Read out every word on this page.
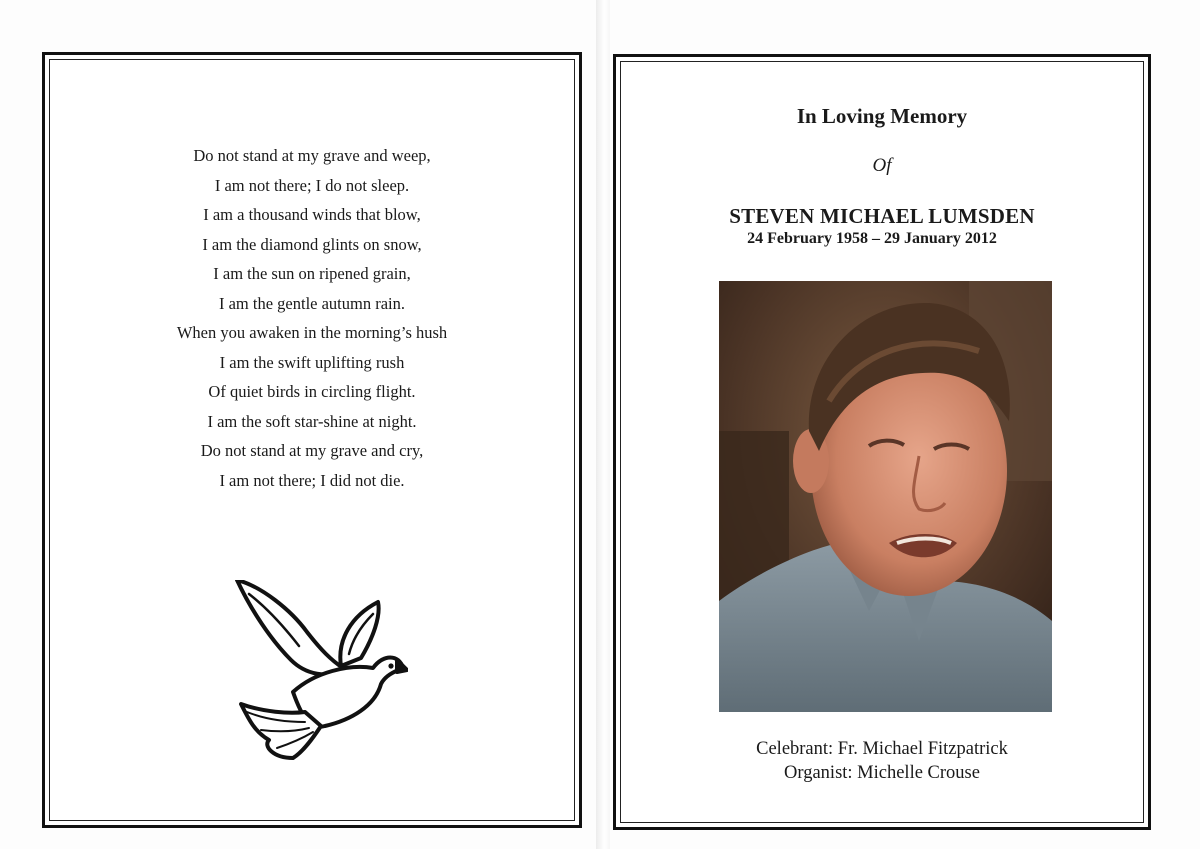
Do not stand at my grave and weep,
I am not there; I do not sleep.
I am a thousand winds that blow,
I am the diamond glints on snow,
I am the sun on ripened grain,
I am the gentle autumn rain.
When you awaken in the morning’s hush
I am the swift uplifting rush
Of quiet birds in circling flight.
I am the soft star-shine at night.
Do not stand at my grave and cry,
I am not there; I did not die.
In Loving Memory
Of
STEVEN MICHAEL LUMSDEN
24 February 1958 – 29 January 2012
Celebrant: Fr. Michael Fitzpatrick
Organist: Michelle Crouse
